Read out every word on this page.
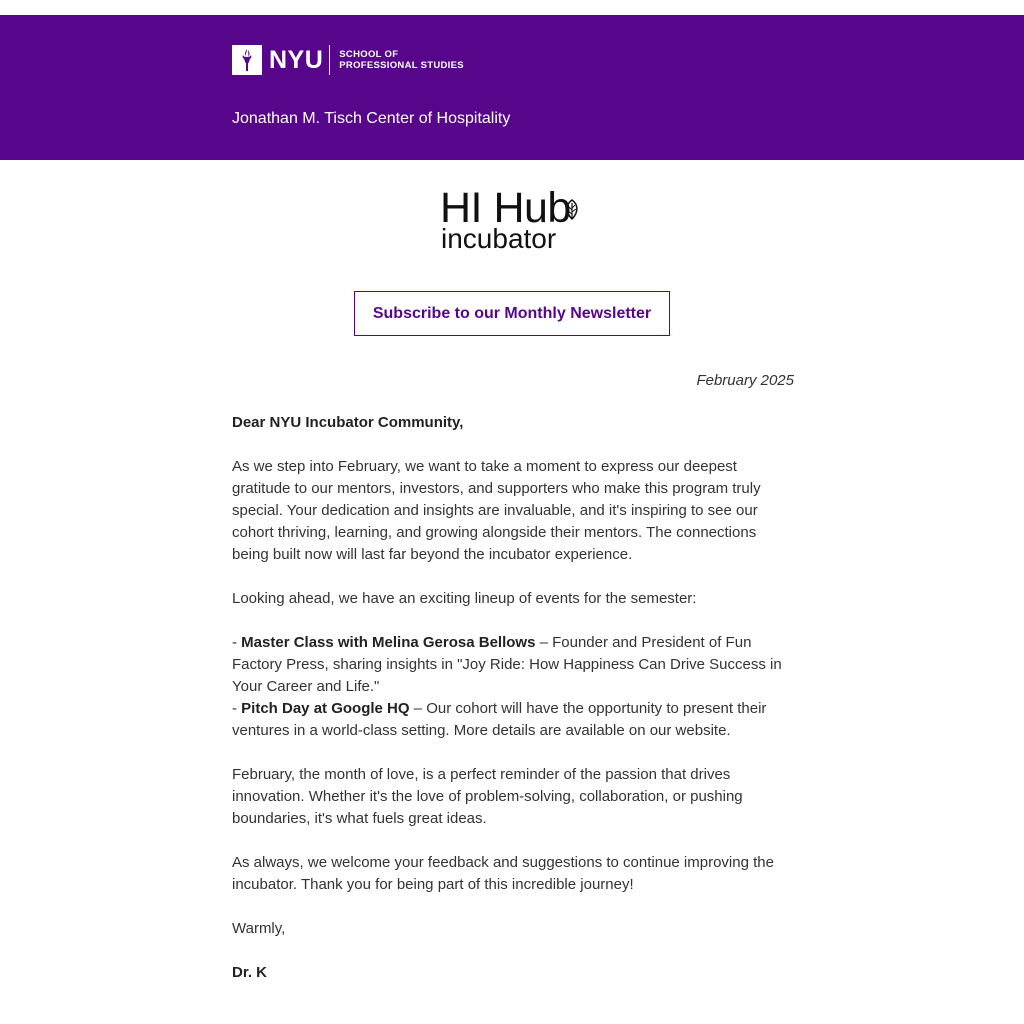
NYU SCHOOL OF
PROFESSIONAL STUDIES
Jonathan M. Tisch Center of Hospitality
HI Hub
incubator
Subscribe to our Monthly Newsletter

February 2025

Dear NYU Incubator Community,

As we step into February, we want to take a moment to express our deepest gratitude to our mentors, investors, and supporters who make this program truly special. Your dedication and insights are invaluable, and it's inspiring to see our cohort thriving, learning, and growing alongside their mentors. The connections being built now will last far beyond the incubator experience.

Looking ahead, we have an exciting lineup of events for the semester:

- Master Class with Melina Gerosa Bellows – Founder and President of Fun Factory Press, sharing insights in "Joy Ride: How Happiness Can Drive Success in Your Career and Life."

- Pitch Day at Google HQ – Our cohort will have the opportunity to present their ventures in a world-class setting. More details are available on our website.

February, the month of love, is a perfect reminder of the passion that drives innovation. Whether it's the love of problem-solving, collaboration, or pushing boundaries, it's what fuels great ideas.

As always, we welcome your feedback and suggestions to continue improving the incubator. Thank you for being part of this incredible journey!

Warmly,

Dr. K
